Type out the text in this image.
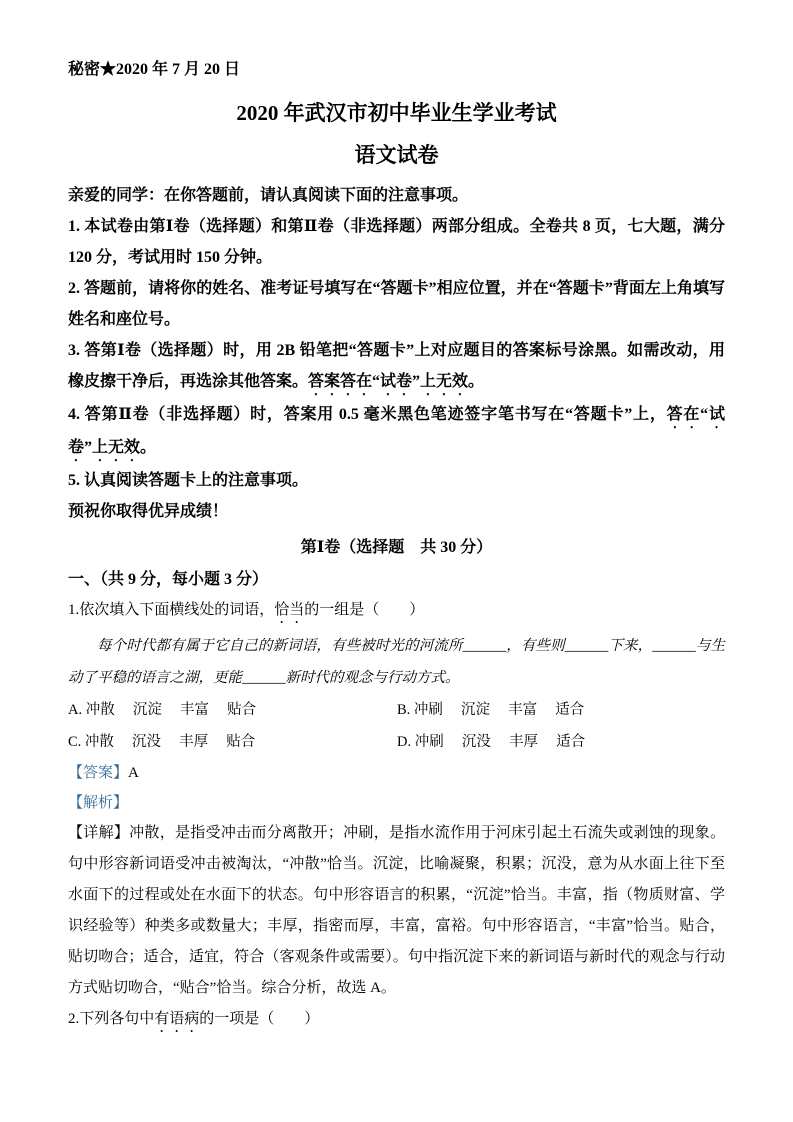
秘密★2020 年 7 月 20 日
2020 年武汉市初中毕业生学业考试
语文试卷

亲爱的同学：在你答题前，请认真阅读下面的注意事项。

1. 本试卷由第Ⅰ卷（选择题）和第Ⅱ卷（非选择题）两部分组成。全卷共 8 页，七大题，满分 120 分，考试用时 150 分钟。

2. 答题前，请将你的姓名、准考证号填写在“答题卡”相应位置，并在“答题卡”背面左上角填写姓名和座位号。

3. 答第Ⅰ卷（选择题）时，用 2B 铅笔把“答题卡”上对应题目的答案标号涂黑。如需改动，用橡皮擦干净后，再选涂其他答案。答案答在“试卷”上无效。

4. 答第Ⅱ卷（非选择题）时，答案用 0.5 毫米黑色笔迹签字笔书写在“答题卡”上，答在“试卷”上无效。

5. 认真阅读答题卡上的注意事项。

预祝你取得优异成绩！

第Ⅰ卷（选择题　共 30 分）
一、（共 9 分，每小题 3 分）

1.依次填入下面横线处的词语，恰当的一组是（　　）

每个时代都有属于它自己的新词语，有些被时光的河流所______，有些则______下来，______与生动了平稳的语言之湖，更能______新时代的观念与行动方式。

A. 冲散　 沉淀　 丰富　 贴合	B. 冲刷　 沉淀　 丰富　 适合
C. 冲散　 沉没　 丰厚　 贴合	D. 冲刷　 沉没　 丰厚　 适合

【答案】A

【解析】

【详解】冲散，是指受冲击而分离散开；冲刷，是指水流作用于河床引起土石流失或剥蚀的现象。句中形容新词语受冲击被淘汰，“冲散”恰当。沉淀，比喻凝聚，积累；沉没，意为从水面上往下至水面下的过程或处在水面下的状态。句中形容语言的积累，“沉淀”恰当。丰富，指（物质财富、学识经验等）种类多或数量大；丰厚，指密而厚，丰富，富裕。句中形容语言，“丰富”恰当。贴合，贴切吻合；适合，适宜，符合（客观条件或需要）。句中指沉淀下来的新词语与新时代的观念与行动方式贴切吻合，“贴合”恰当。综合分析，故选 A。

2.下列各句中有语病的一项是（　　）
